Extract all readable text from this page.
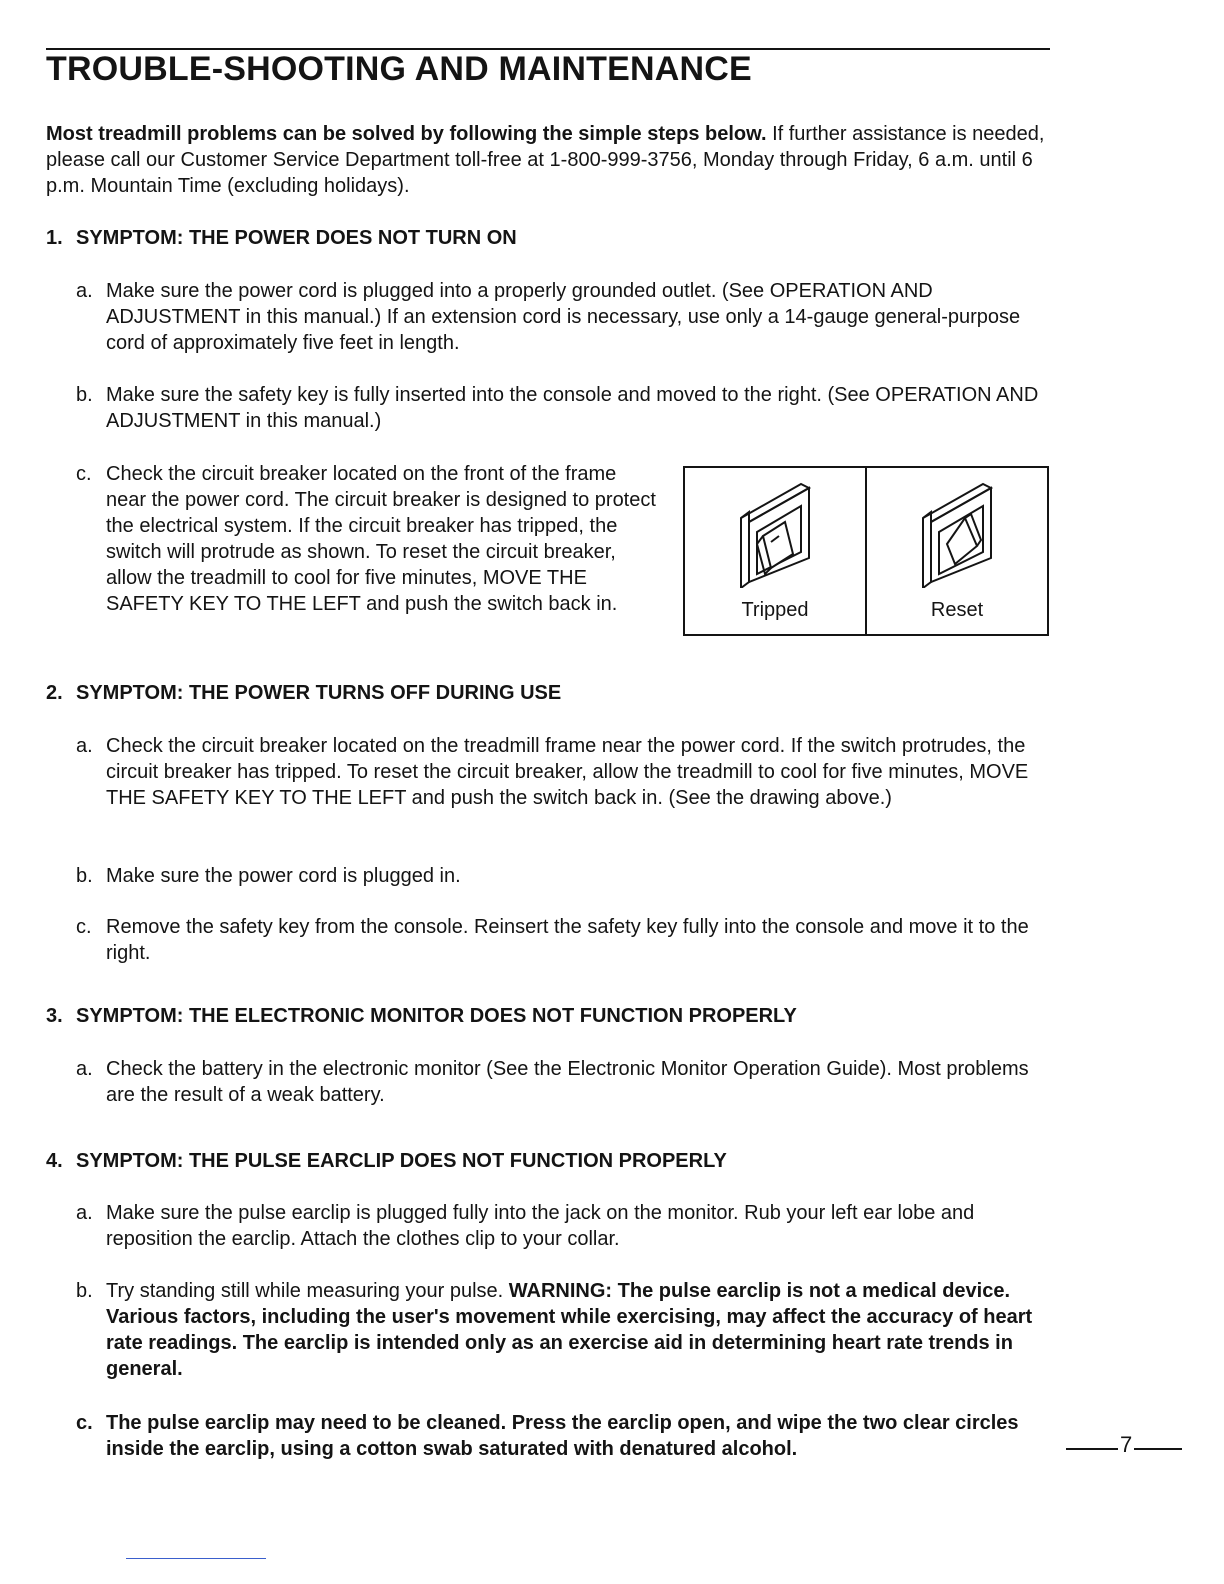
TROUBLE-SHOOTING AND MAINTENANCE

Most treadmill problems can be solved by following the simple steps below. If further assistance is needed, please call our Customer Service Department toll-free at 1-800-999-3756, Monday through Friday, 6 a.m. until 6 p.m. Mountain Time (excluding holidays).

1. SYMPTOM: THE POWER DOES NOT TURN ON

a. Make sure the power cord is plugged into a properly grounded outlet. (See OPERATION AND ADJUSTMENT in this manual.) If an extension cord is necessary, use only a 14-gauge general-purpose cord of approximately five feet in length.

b. Make sure the safety key is fully inserted into the console and moved to the right. (See OPERATION AND ADJUSTMENT in this manual.)

c. Check the circuit breaker located on the front of the frame near the power cord. The circuit breaker is designed to protect the electrical system. If the circuit breaker has tripped, the switch will protrude as shown. To reset the circuit breaker, allow the treadmill to cool for five minutes, MOVE THE SAFETY KEY TO THE LEFT and push the switch back in.	Tripped	Reset

2. SYMPTOM: THE POWER TURNS OFF DURING USE

a. Check the circuit breaker located on the treadmill frame near the power cord. If the switch protrudes, the circuit breaker has tripped. To reset the circuit breaker, allow the treadmill to cool for five minutes, MOVE THE SAFETY KEY TO THE LEFT and push the switch back in. (See the drawing above.)

b. Make sure the power cord is plugged in.

c. Remove the safety key from the console. Reinsert the safety key fully into the console and move it to the right.

3. SYMPTOM: THE ELECTRONIC MONITOR DOES NOT FUNCTION PROPERLY

a. Check the battery in the electronic monitor (See the Electronic Monitor Operation Guide). Most problems are the result of a weak battery.

4. SYMPTOM: THE PULSE EARCLIP DOES NOT FUNCTION PROPERLY

a. Make sure the pulse earclip is plugged fully into the jack on the monitor. Rub your left ear lobe and reposition the earclip. Attach the clothes clip to your collar.

b. Try standing still while measuring your pulse. WARNING: The pulse earclip is not a medical device. Various factors, including the user's movement while exercising, may affect the accuracy of heart rate readings. The earclip is intended only as an exercise aid in determining heart rate trends in general.

c. The pulse earclip may need to be cleaned. Press the earclip open, and wipe the two clear circles inside the earclip, using a cotton swab saturated with denatured alcohol.	7
